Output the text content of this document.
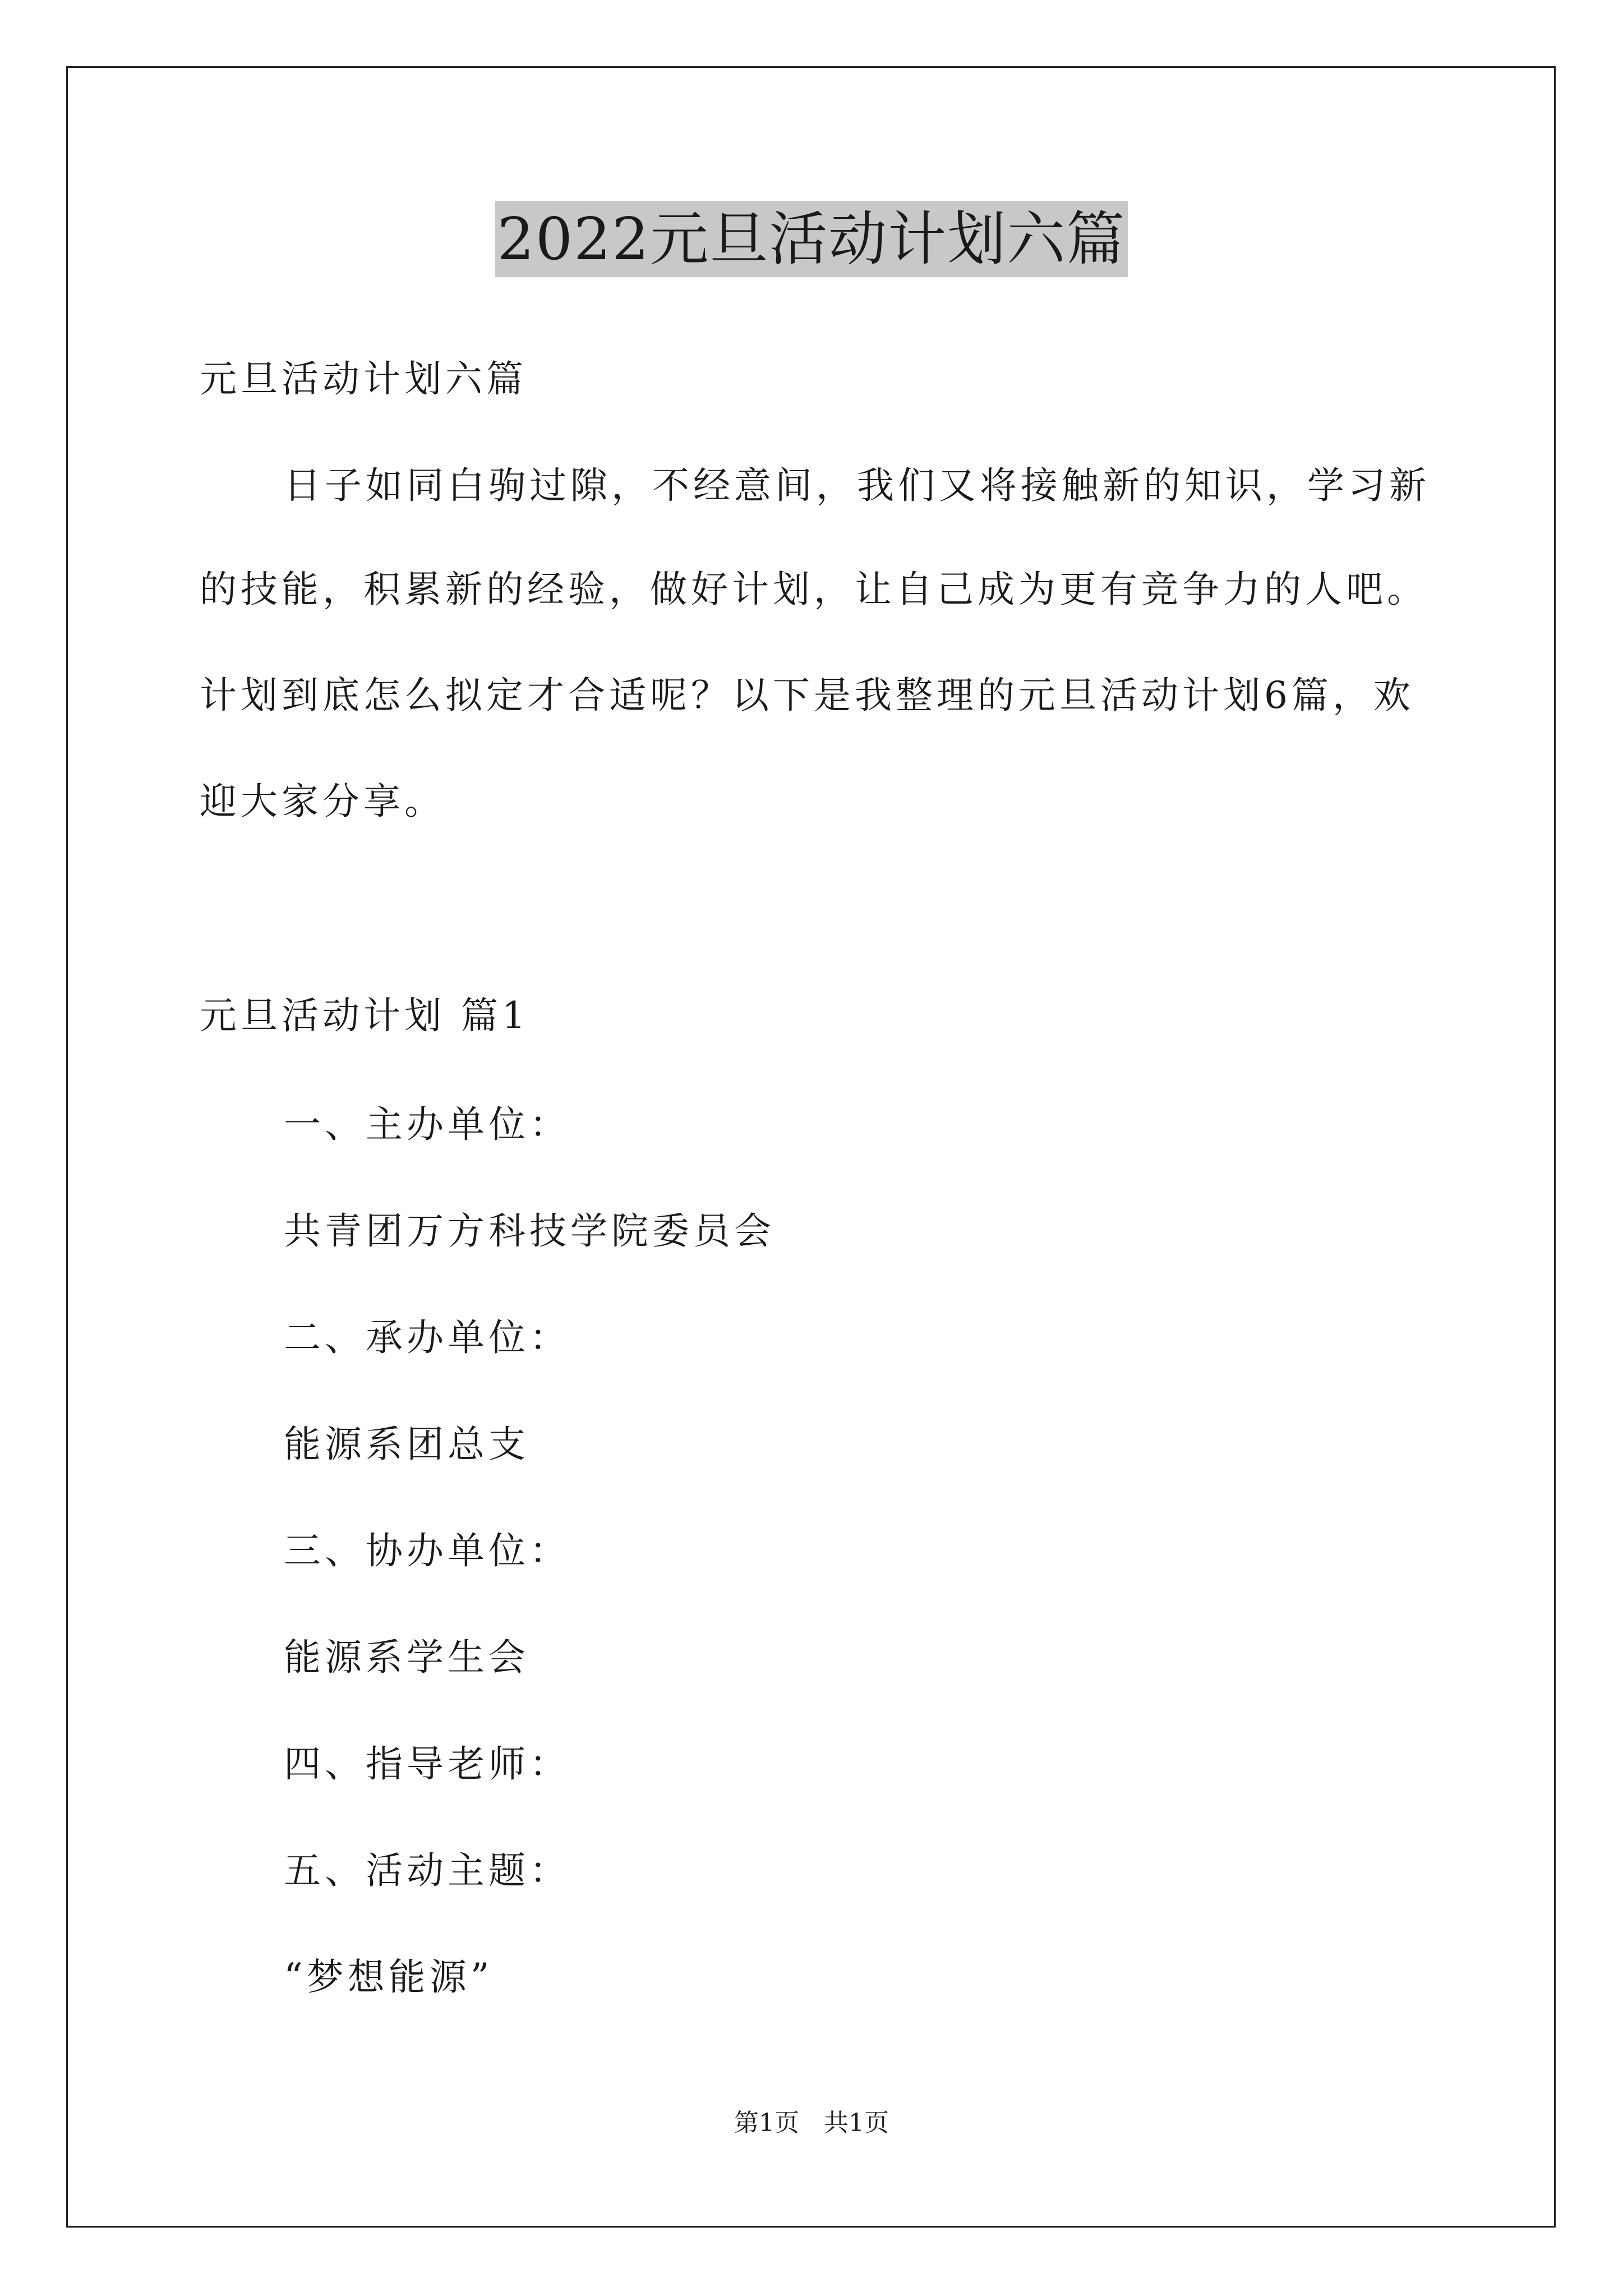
2022元旦活动计划六篇
元旦活动计划六篇
日子如同白驹过隙，不经意间，我们又将接触新的知识，学习新
的技能，积累新的经验，做好计划，让自己成为更有竞争力的人吧。
计划到底怎么拟定才合适呢？以下是我整理的元旦活动计划6篇，欢
迎大家分享。
元旦活动计划 篇1
一、主办单位：
共青团万方科技学院委员会
二、承办单位：
能源系团总支
三、协办单位：
能源系学生会
四、指导老师：
五、活动主题：
“梦想能源”
第1页 共1页
